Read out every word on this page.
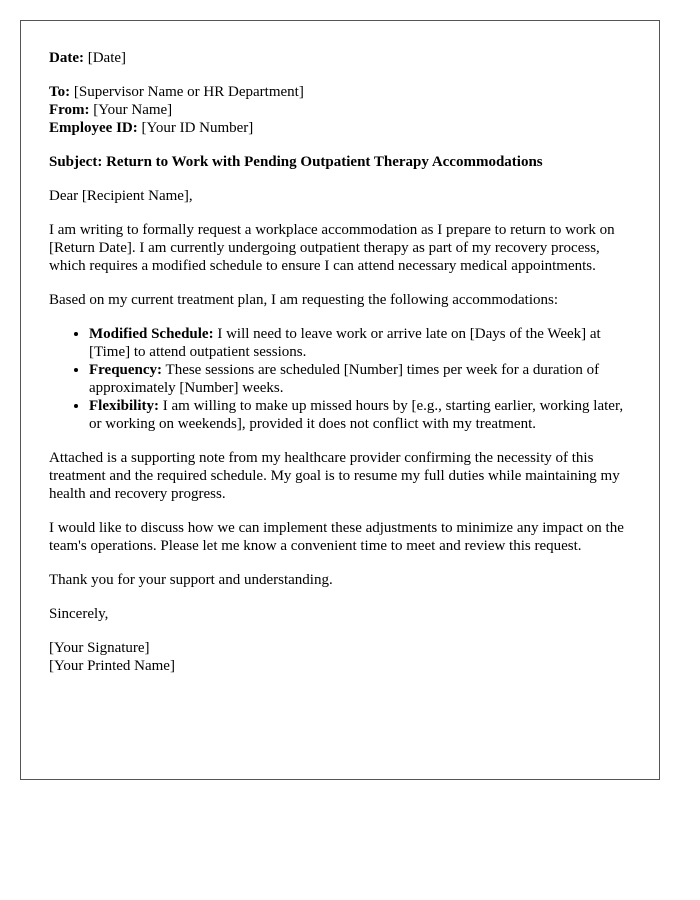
Date: [Date]

To: [Supervisor Name or HR Department]

From: [Your Name]

Employee ID: [Your ID Number]

Subject: Return to Work with Pending Outpatient Therapy Accommodations

Dear [Recipient Name],

I am writing to formally request a workplace accommodation as I prepare to return to work on [Return Date]. I am currently undergoing outpatient therapy as part of my recovery process, which requires a modified schedule to ensure I can attend necessary medical appointments.

Based on my current treatment plan, I am requesting the following accommodations:

• Modified Schedule: I will need to leave work or arrive late on [Days of the Week] at [Time] to attend outpatient sessions.
• Frequency: These sessions are scheduled [Number] times per week for a duration of approximately [Number] weeks.
• Flexibility: I am willing to make up missed hours by [e.g., starting earlier, working later, or working on weekends], provided it does not conflict with my treatment.

Attached is a supporting note from my healthcare provider confirming the necessity of this treatment and the required schedule. My goal is to resume my full duties while maintaining my health and recovery progress.

I would like to discuss how we can implement these adjustments to minimize any impact on the team's operations. Please let me know a convenient time to meet and review this request.

Thank you for your support and understanding.

Sincerely,

[Your Signature]

[Your Printed Name]
